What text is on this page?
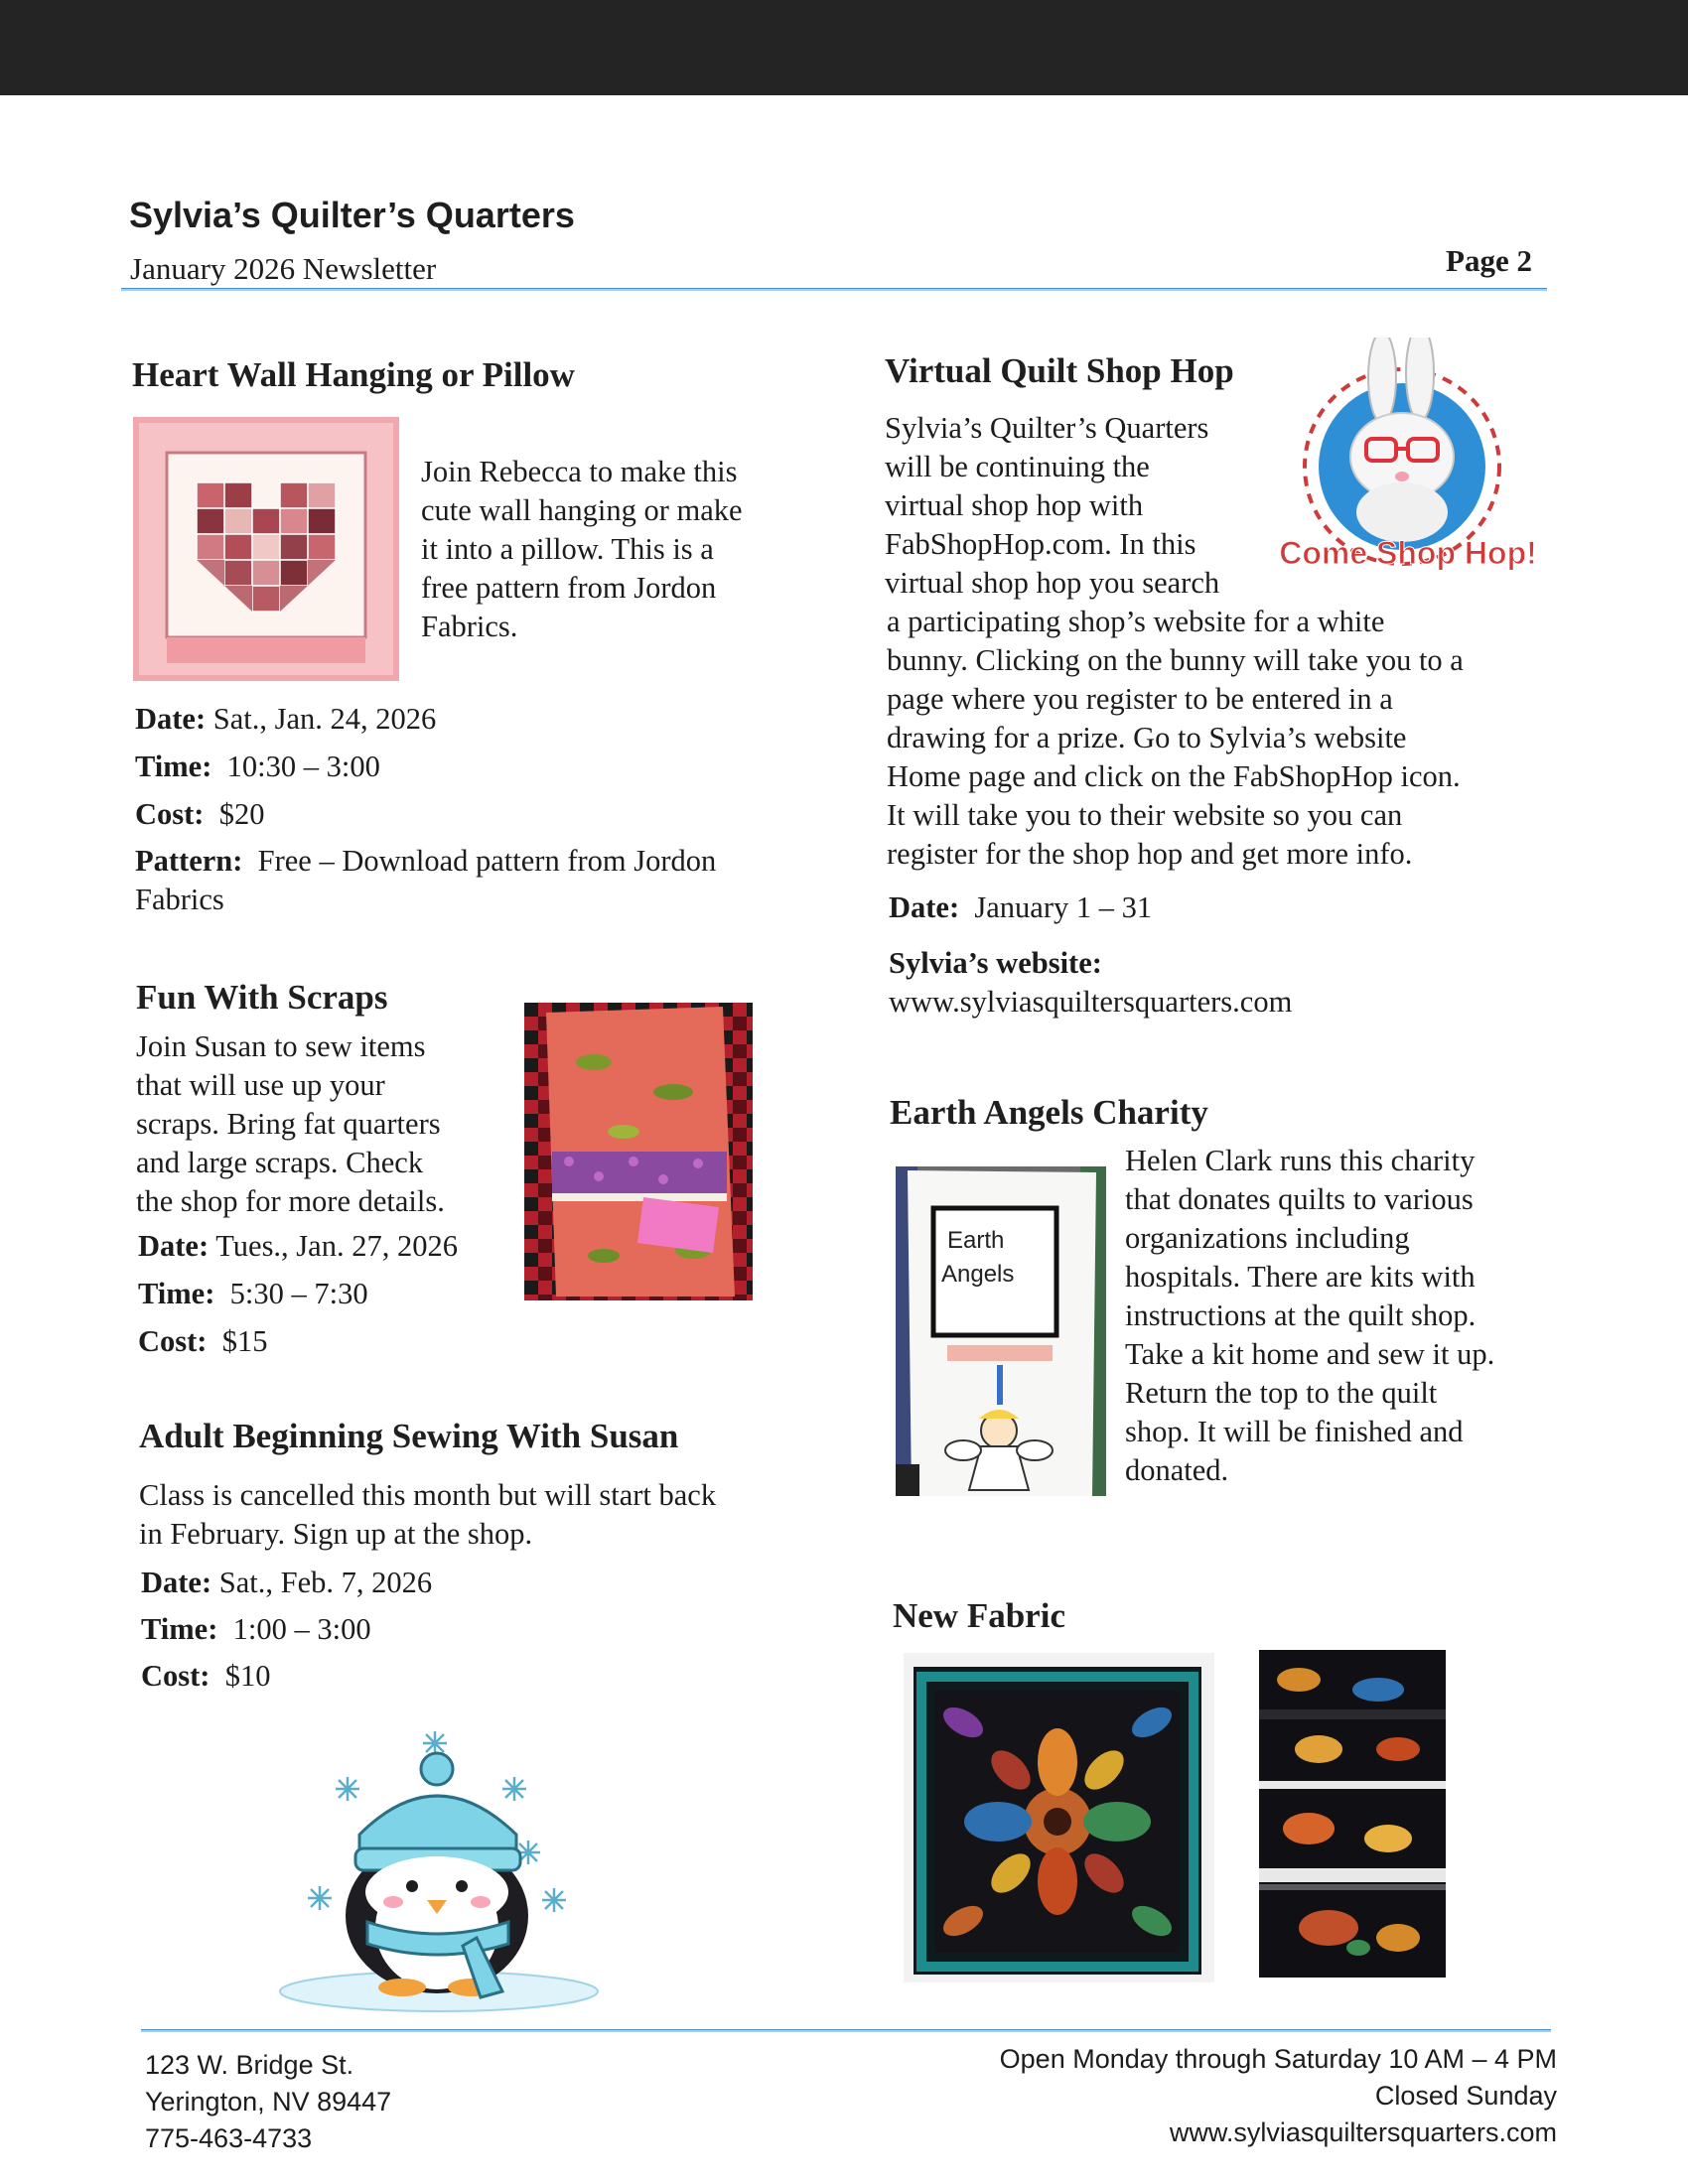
Sylvia’s Quilter’s Quarters
January 2026 Newsletter	Page 2
Heart Wall Hanging or Pillow
Join Rebecca to make this
cute wall hanging or make
it into a pillow. This is a
free pattern from Jordon
Fabrics.
Date: Sat., Jan. 24, 2026
Time: 10:30 – 3:00
Cost: $20
Pattern: Free – Download pattern from Jordon
Fabrics
Fun With Scraps
Join Susan to sew items
that will use up your
scraps. Bring fat quarters
and large scraps. Check
the shop for more details.
Date: Tues., Jan. 27, 2026
Time: 5:30 – 7:30
Cost: $15
Adult Beginning Sewing With Susan
Class is cancelled this month but will start back
in February. Sign up at the shop.
Date: Sat., Feb. 7, 2026
Time: 1:00 – 3:00
Cost: $10
Virtual Quilt Shop Hop
Come Shop Hop!
Sylvia’s Quilter’s Quarters
will be continuing the
virtual shop hop with
FabShopHop.com. In this
virtual shop hop you search
a participating shop’s website for a white
bunny. Clicking on the bunny will take you to a
page where you register to be entered in a
drawing for a prize. Go to Sylvia’s website
Home page and click on the FabShopHop icon.
It will take you to their website so you can
register for the shop hop and get more info.
Date: January 1 – 31
Sylvia’s website:
www.sylviasquiltersquarters.com
Earth Angels Charity
Earth
Angels
Helen Clark runs this charity
that donates quilts to various
organizations including
hospitals. There are kits with
instructions at the quilt shop.
Take a kit home and sew it up.
Return the top to the quilt
shop. It will be finished and
donated.
New Fabric
123 W. Bridge St.
Yerington, NV 89447
775-463-4733
Open Monday through Saturday 10 AM – 4 PM
Closed Sunday
www.sylviasquiltersquarters.com
